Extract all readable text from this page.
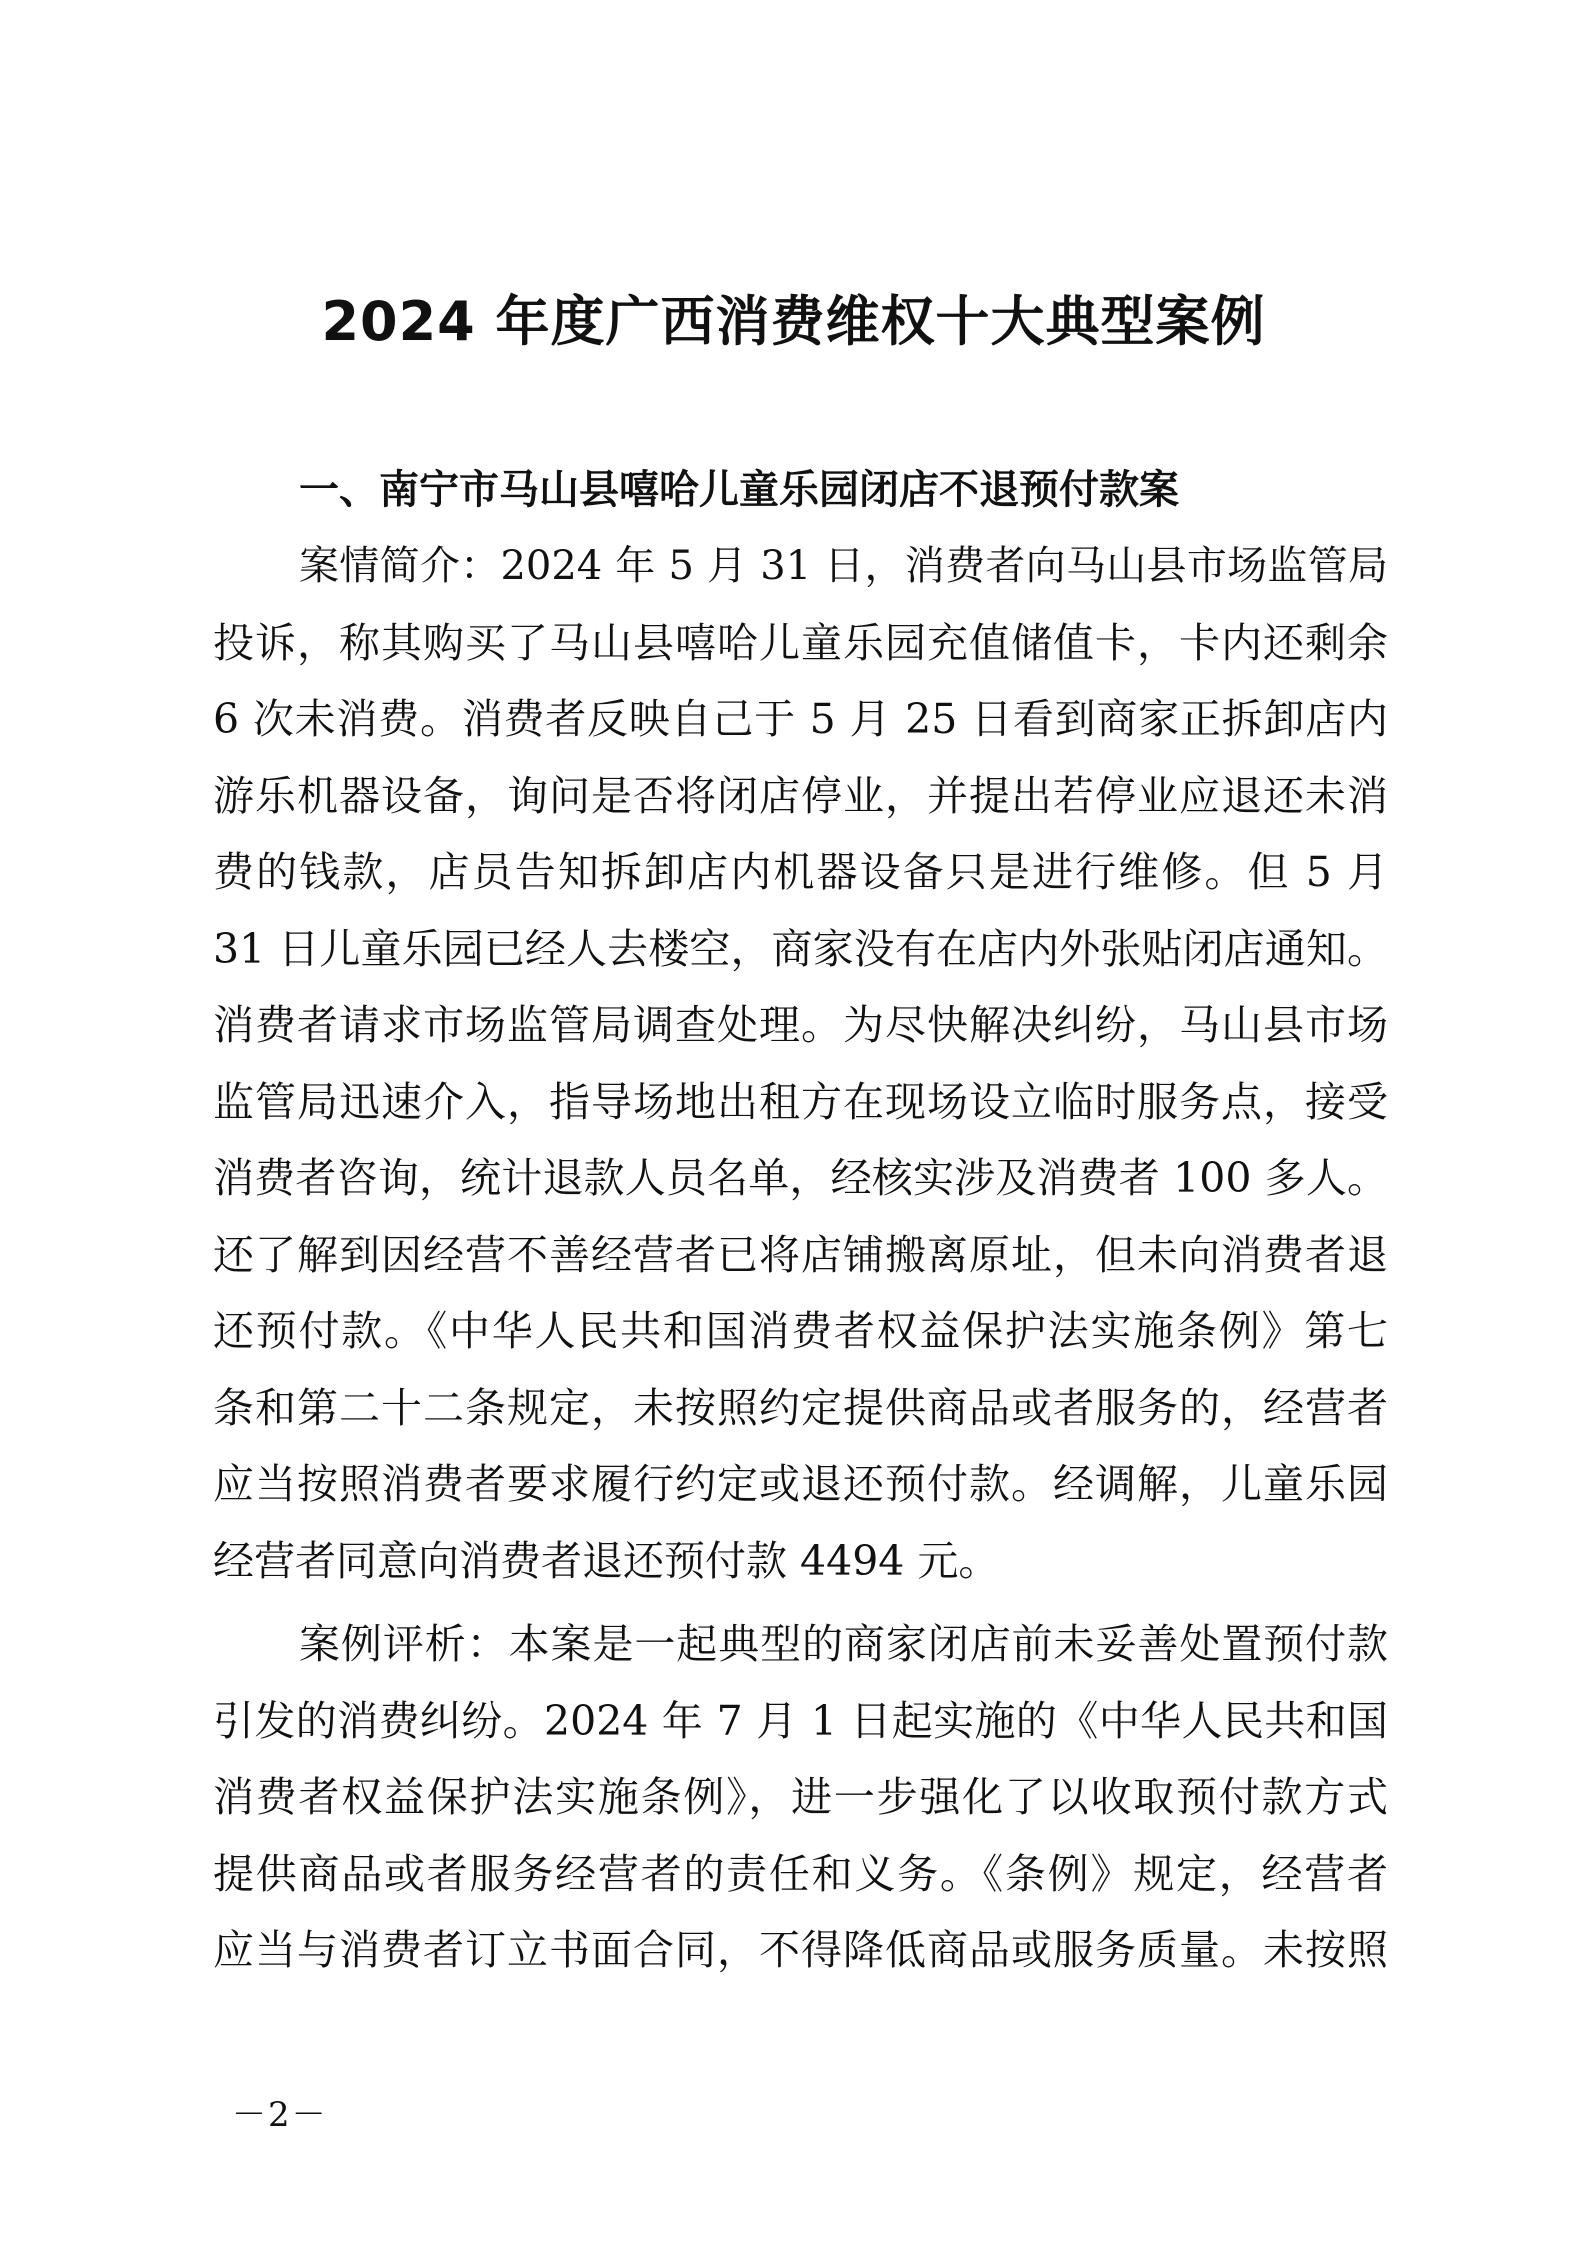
2024 年度广西消费维权十大典型案例
一、南宁市马山县嘻哈儿童乐园闭店不退预付款案

案情简介：2024 年 5 月 31 日，消费者向马山县市场监管局
投诉，称其购买了马山县嘻哈儿童乐园充值储值卡，卡内还剩余
6 次未消费。消费者反映自己于 5 月 25 日看到商家正拆卸店内
游乐机器设备，询问是否将闭店停业，并提出若停业应退还未消
费的钱款，店员告知拆卸店内机器设备只是进行维修。但 5 月
31 日儿童乐园已经人去楼空，商家没有在店内外张贴闭店通知。
消费者请求市场监管局调查处理。为尽快解决纠纷，马山县市场
监管局迅速介入，指导场地出租方在现场设立临时服务点，接受
消费者咨询，统计退款人员名单，经核实涉及消费者 100 多人。
还了解到因经营不善经营者已将店铺搬离原址，但未向消费者退
还预付款。《中华人民共和国消费者权益保护法实施条例》第七
条和第二十二条规定，未按照约定提供商品或者服务的，经营者
应当按照消费者要求履行约定或退还预付款。经调解，儿童乐园
经营者同意向消费者退还预付款 4494 元。

案例评析：本案是一起典型的商家闭店前未妥善处置预付款
引发的消费纠纷。2024 年 7 月 1 日起实施的《中华人民共和国
消费者权益保护法实施条例》，进一步强化了以收取预付款方式
提供商品或者服务经营者的责任和义务。《条例》规定，经营者
应当与消费者订立书面合同，不得降低商品或服务质量。未按照

－2－
